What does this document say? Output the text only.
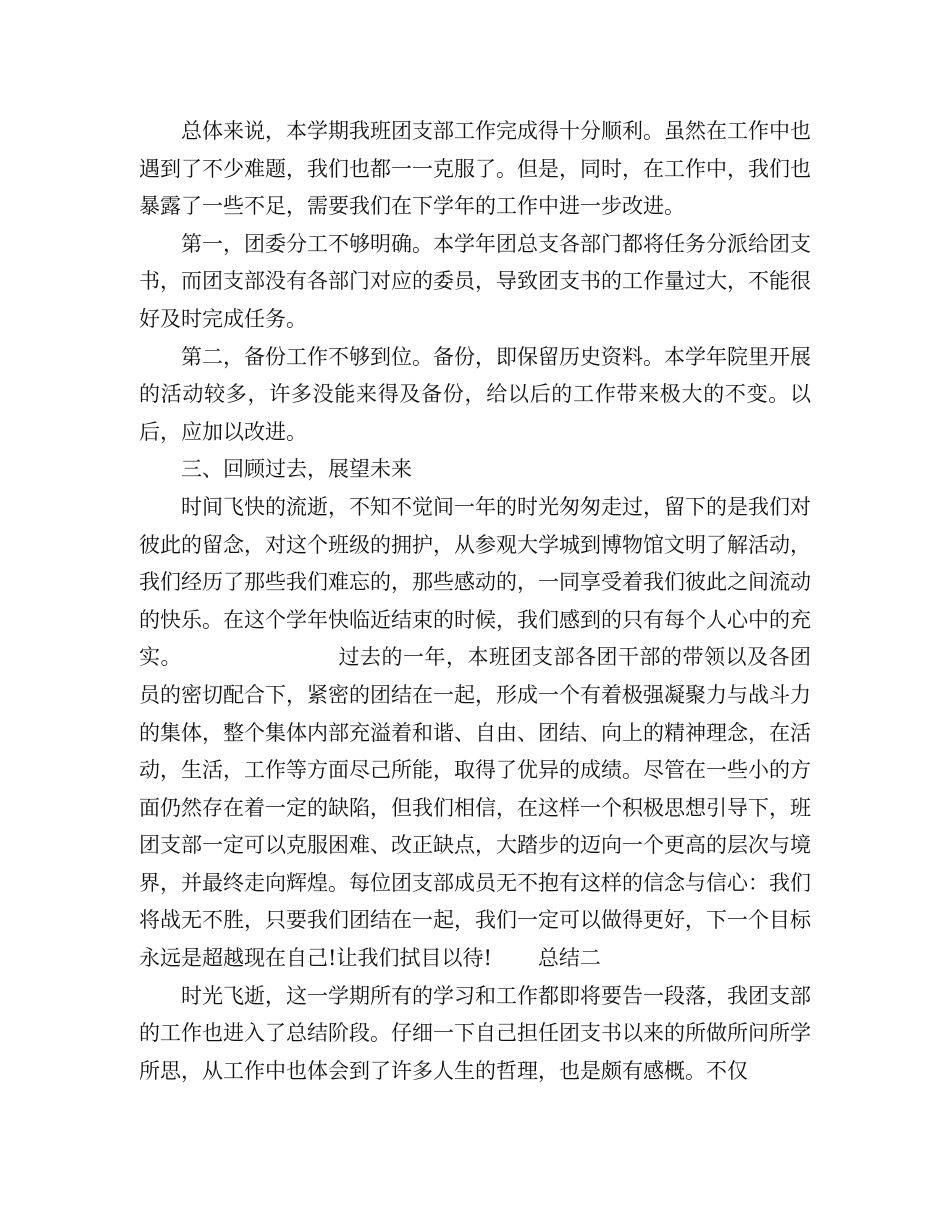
总体来说，本学期我班团支部工作完成得十分顺利。虽然在工作中也遇到了不少难题，我们也都一一克服了。但是，同时，在工作中，我们也暴露了一些不足，需要我们在下学年的工作中进一步改进。

第一，团委分工不够明确。本学年团总支各部门都将任务分派给团支书，而团支部没有各部门对应的委员，导致团支书的工作量过大，不能很好及时完成任务。

第二，备份工作不够到位。备份，即保留历史资料。本学年院里开展的活动较多，许多没能来得及备份，给以后的工作带来极大的不变。以后，应加以改进。

三、回顾过去，展望未来

时间飞快的流逝，不知不觉间一年的时光匆匆走过，留下的是我们对彼此的留念，对这个班级的拥护，从参观大学城到博物馆文明了解活动，我们经历了那些我们难忘的，那些感动的，一同享受着我们彼此之间流动的快乐。在这个学年快临近结束的时候，我们感到的只有每个人心中的充实。	过去的一年，本班团支部各团干部的带领以及各团员的密切配合下，紧密的团结在一起，形成一个有着极强凝聚力与战斗力的集体，整个集体内部充溢着和谐、自由、团结、向上的精神理念，在活动，生活，工作等方面尽己所能，取得了优异的成绩。尽管在一些小的方面仍然存在着一定的缺陷，但我们相信，在这样一个积极思想引导下，班团支部一定可以克服困难、改正缺点，大踏步的迈向一个更高的层次与境界，并最终走向辉煌。每位团支部成员无不抱有这样的信念与信心：我们将战无不胜，只要我们团结在一起，我们一定可以做得更好，下一个目标永远是超越现在自己!让我们拭目以待! 总结二

时光飞逝，这一学期所有的学习和工作都即将要告一段落，我团支部的工作也进入了总结阶段。仔细一下自己担任团支书以来的所做所问所学所思，从工作中也体会到了许多人生的哲理，也是颇有感概。不仅
